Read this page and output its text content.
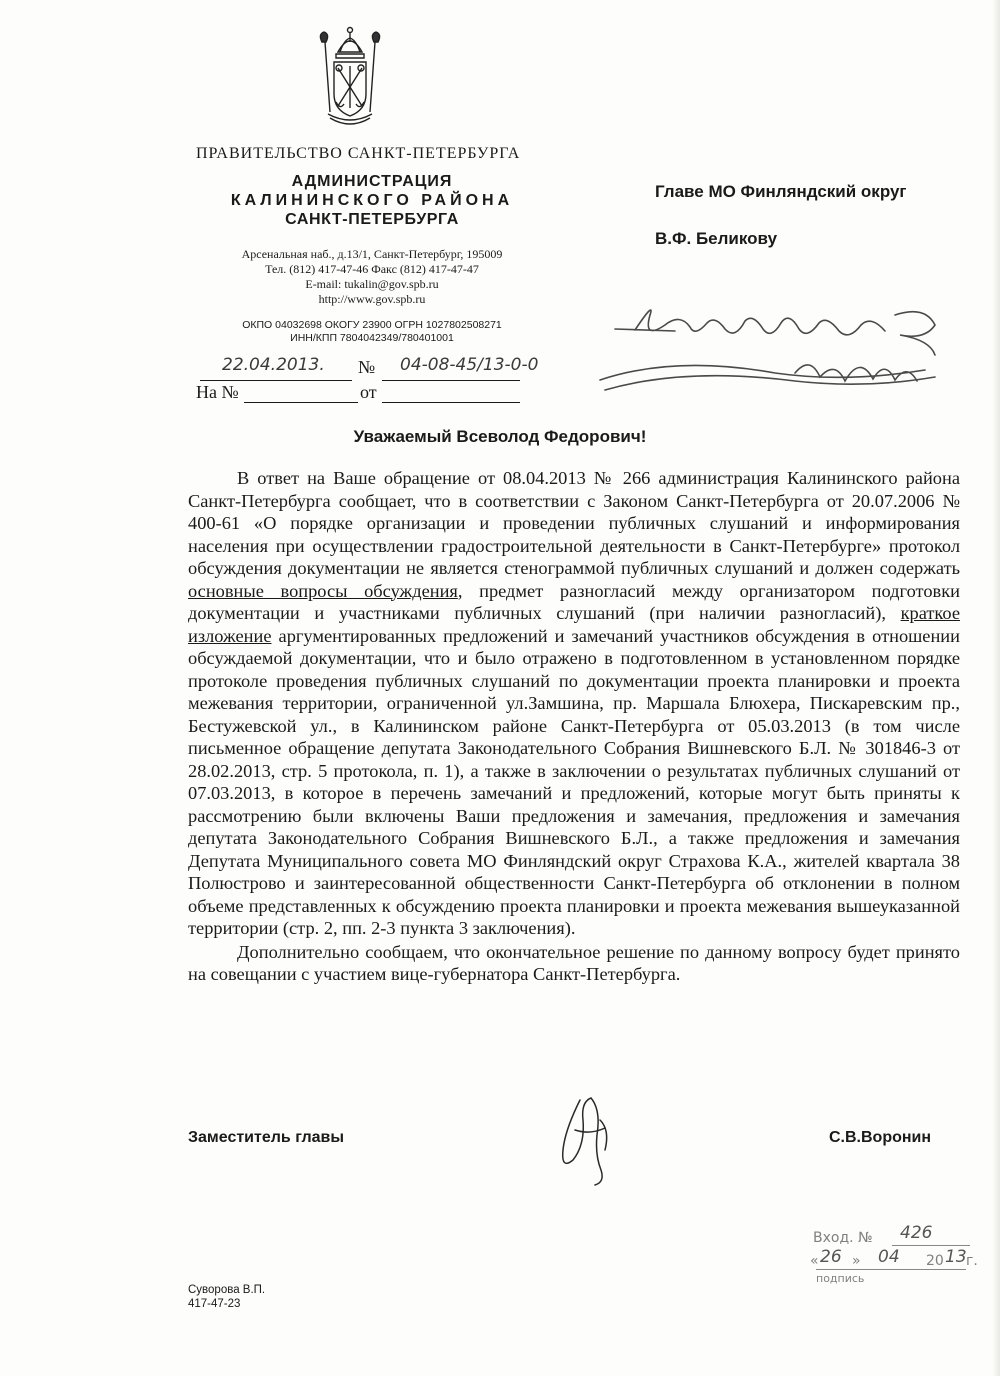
ПРАВИТЕЛЬСТВО САНКТ-ПЕТЕРБУРГА
АДМИНИСТРАЦИЯ
КАЛИНИНСКОГО РАЙОНА
САНКТ-ПЕТЕРБУРГА
Арсенальная наб., д.13/1, Санкт-Петербург, 195009
Тел. (812) 417-47-46 Факс (812) 417-47-47
E-mail: tukalin@gov.spb.ru
http://www.gov.spb.ru
ОКПО 04032698 ОКОГУ 23900 ОГРН 1027802508271
ИНН/КПП 7804042349/780401001
22.04.2013. № 04-08-45/13-0-0
На №	от
Главе МО Финляндский округ
В.Ф. Беликову
Уважаемый Всеволод Федорович!

В ответ на Ваше обращение от 08.04.2013 № 266 администрация Калининского района Санкт-Петербурга сообщает, что в соответствии с Законом Санкт-Петербурга от 20.07.2006 № 400-61 «О порядке организации и проведении публичных слушаний и информирования населения при осуществлении градостроительной деятельности в Санкт-Петербурге» протокол обсуждения документации не является стенограммой публичных слушаний и должен содержать основные вопросы обсуждения, предмет разногласий между организатором подготовки документации и участниками публичных слушаний (при наличии разногласий), краткое изложение аргументированных предложений и замечаний участников обсуждения в отношении обсуждаемой документации, что и было отражено в подготовленном в установленном порядке протоколе проведения публичных слушаний по документации проекта планировки и проекта межевания территории, ограниченной ул.Замшина, пр. Маршала Блюхера, Пискаревским пр., Бестужевской ул., в Калининском районе Санкт-Петербурга от 05.03.2013 (в том числе письменное обращение депутата Законодательного Собрания Вишневского Б.Л. № 301846-3 от 28.02.2013, стр. 5 протокола, п. 1), а также в заключении о результатах публичных слушаний от 07.03.2013, в которое в перечень замечаний и предложений, которые могут быть приняты к рассмотрению были включены Ваши предложения и замечания, предложения и замечания депутата Законодательного Собрания Вишневского Б.Л., а также предложения и замечания Депутата Муниципального совета МО Финляндский округ Страхова К.А., жителей квартала 38 Полюстрово и заинтересованной общественности Санкт-Петербурга об отклонении в полном объеме представленных к обсуждению проекта планировки и проекта межевания вышеуказанной территории (стр. 2, пп. 2-3 пункта 3 заключения).

Дополнительно сообщаем, что окончательное решение по данному вопросу будет принято на совещании с участием вице-губернатора Санкт-Петербурга.

Заместитель главы	С.В.Воронин
Вход. № 426
« 26 » 04 20 13 г.
подпись
Суворова В.П.
417-47-23
